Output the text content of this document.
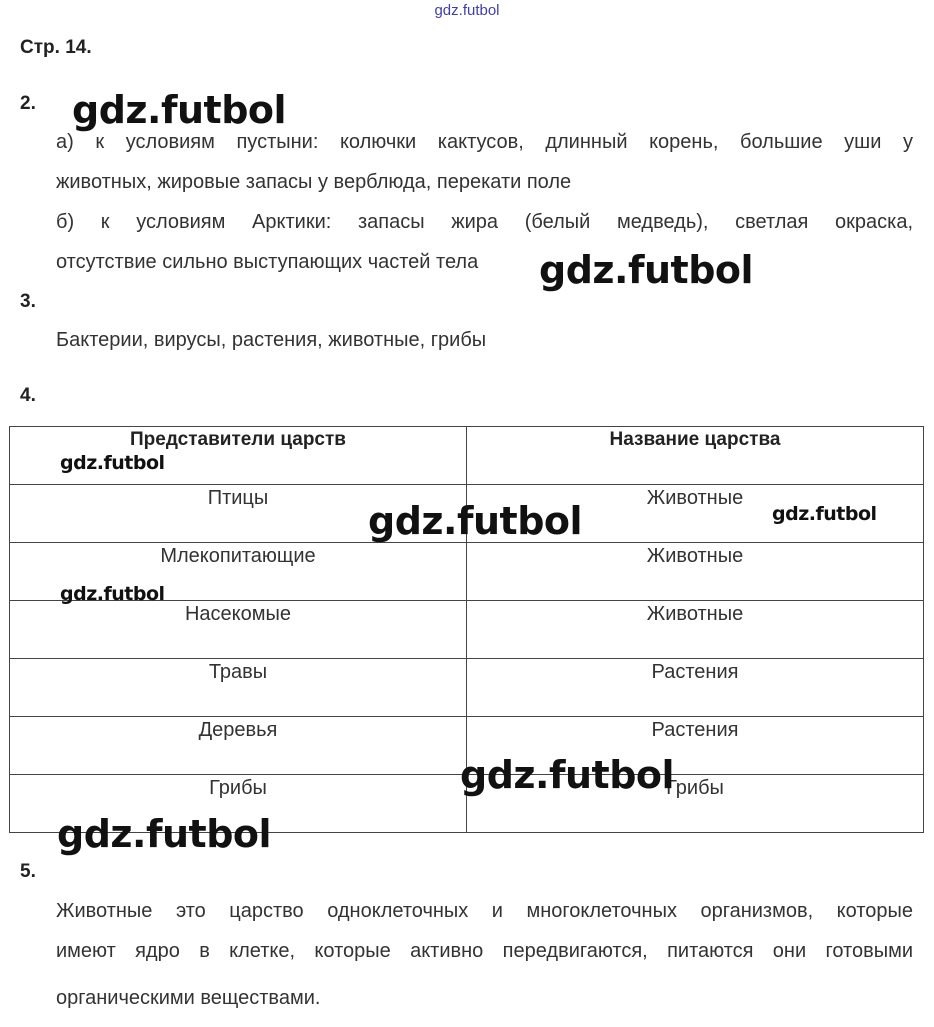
gdz.futbol
Стр. 14.
2.
а) к условиям пустыни: колючки кактусов, длинный корень, большие уши у
животных, жировые запасы у верблюда, перекати поле
б) к условиям Арктики: запасы жира (белый медведь), светлая окраска,
отсутствие сильно выступающих частей тела
3.
Бактерии, вирусы, растения, животные, грибы
4.
Представители царств	Название царства
Птицы	Животные
Млекопитающие	Животные
Насекомые	Животные
Травы	Растения
Деревья	Растения
Грибы	Грибы
5.
Животные это царство одноклеточных и многоклеточных организмов, которые
имеют ядро в клетке, которые активно передвигаются, питаются они готовыми
органическими веществами.
gdz.futbol
gdz.futbol
gdz.futbol
gdz.futbol	gdz.futbol
gdz.futbol
gdz.futbol
gdz.futbol
